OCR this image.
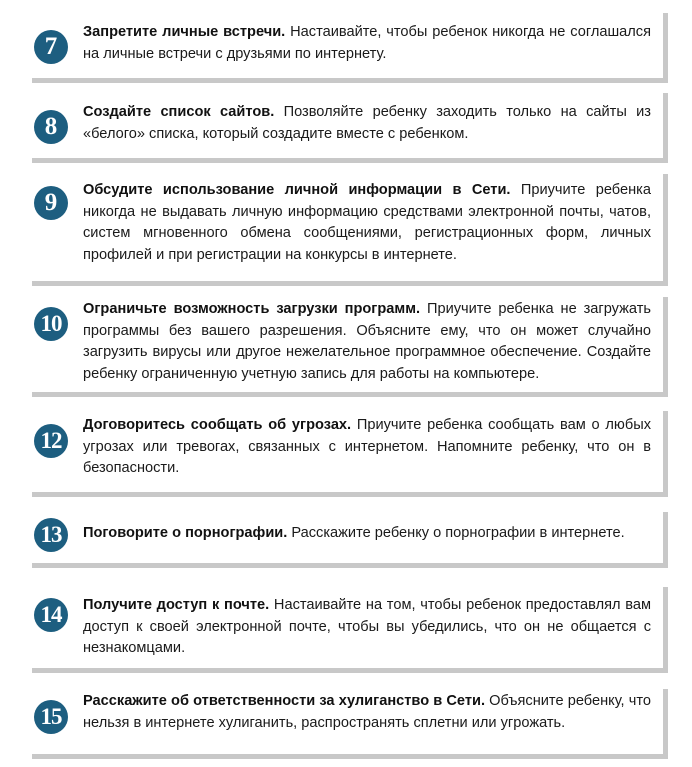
7
Запретите личные встречи. Настаивайте, чтобы ребенок никогда не соглашался на личные встречи с друзьями по интернету.
8
Создайте список сайтов. Позволяйте ребенку заходить только на сайты из «белого» списка, который создадите вместе с ребенком.
9	Обсудите использование личной информации в Сети. Приучите ребенка никогда не выдавать личную информацию средствами электронной почты, чатов, систем мгновенного обмена сообщениями, регистрационных форм, личных профилей и при регистрации на конкурсы в интернете.
10
Ограничьте возможность загрузки программ. Приучите ребенка не загружать программы без вашего разрешения. Объясните ему, что он может случайно загрузить вирусы или другое нежелательное программное обеспечение. Создайте ребенку ограниченную учетную запись для работы на компьютере.
12
Договоритесь сообщать об угрозах. Приучите ребенка сообщать вам о любых угрозах или тревогах, связанных с интернетом. Напомните ребенку, что он в безопасности.
13	Поговорите о порнографии. Расскажите ребенку о порнографии в интернете.
14	Получите доступ к почте. Настаивайте на том, чтобы ребенок предоставлял вам доступ к своей электронной почте, чтобы вы убедились, что он не общается с незнакомцами.
15
Расскажите об ответственности за хулиганство в Сети. Объясните ребенку, что нельзя в интернете хулиганить, распространять сплетни или угрожать.
